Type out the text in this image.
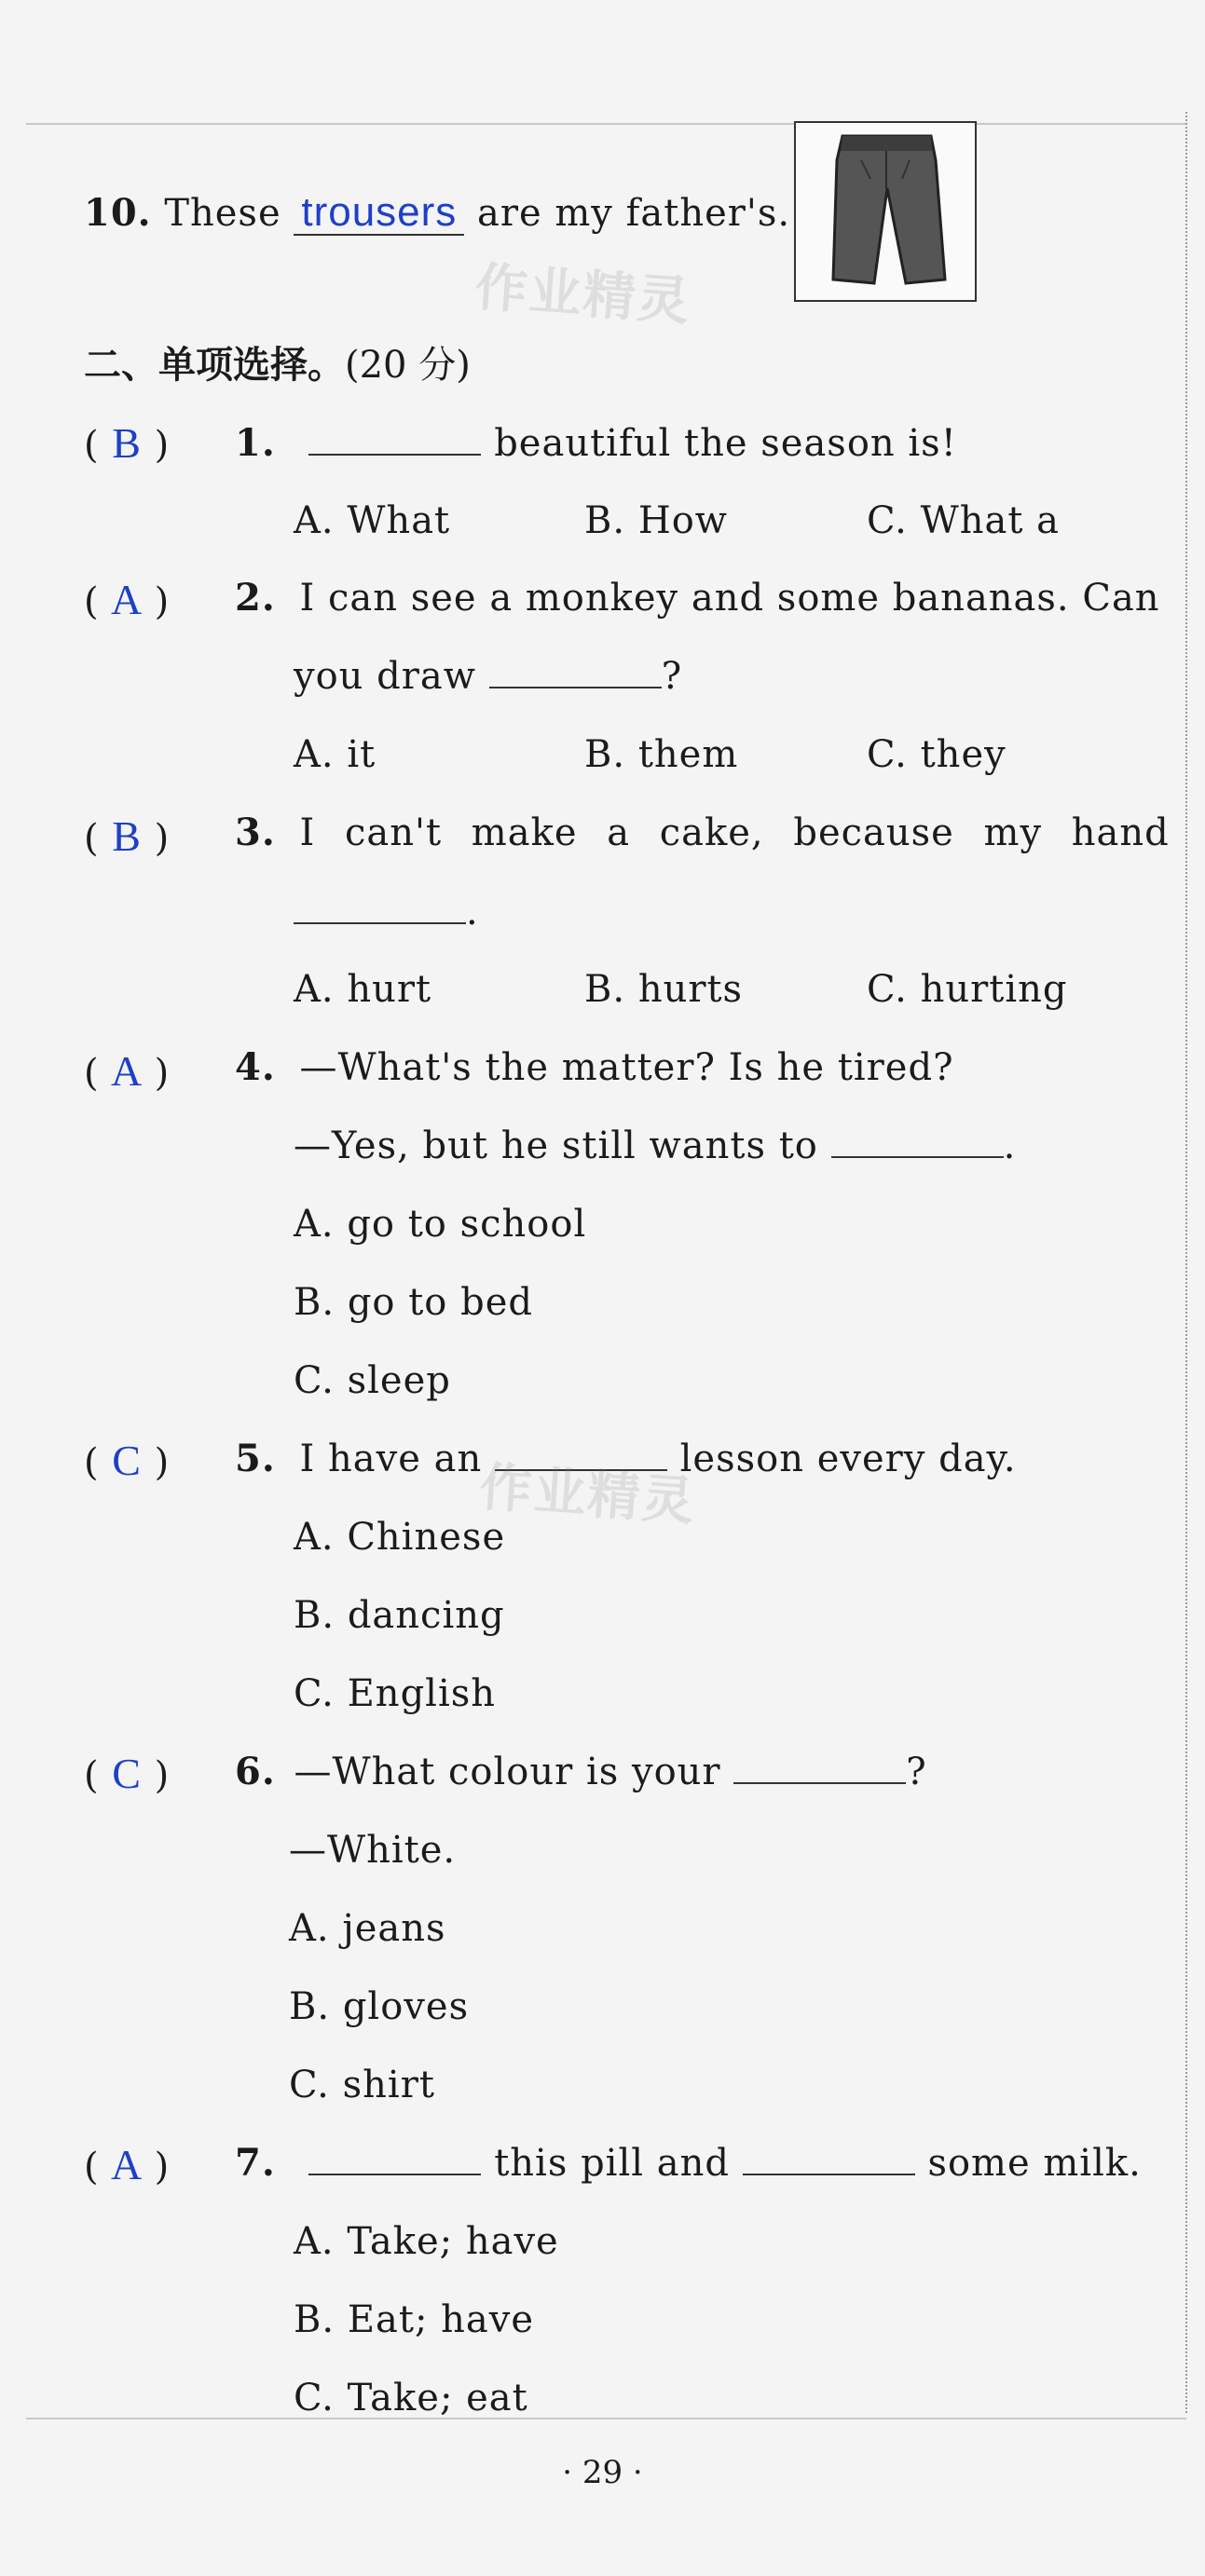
10. These trousers are my father's.
作业精灵
二、单项选择。(20 分)
( B ) 1.	beautiful the season is!
A. What	B. How	C. What a
( A ) 2. I can see a monkey and some bananas. Can
you draw	?
A. it	B. them	C. they
( B ) 3. I can't make a cake, because my hand
.
A. hurt	B. hurts	C. hurting
( A ) 4. —What's the matter? Is he tired?
—Yes, but he still wants to	.
A. go to school
B. go to bed
C. sleep
( C ) 5. I have an	lesson every day.
作业精灵
A. Chinese
B. dancing
C. English
( C ) 6. —What colour is your	?
—White.
A. jeans
B. gloves
C. shirt
( A ) 7.	this pill and	some milk.
A. Take; have
B. Eat; have
C. Take; eat
· 29 ·
